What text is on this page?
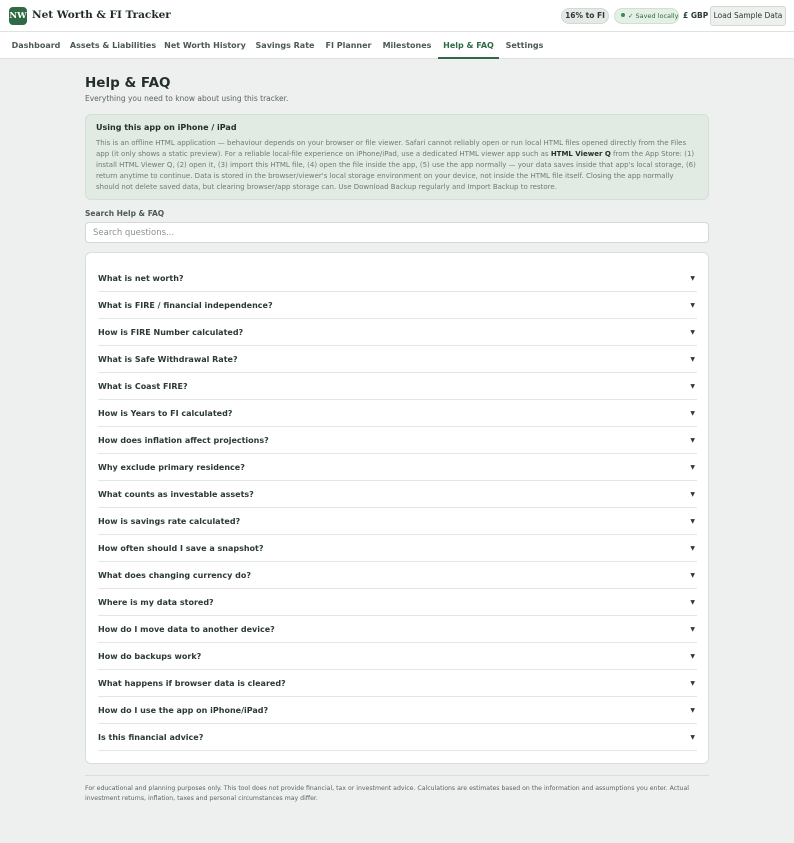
NW Net Worth & FI Tracker	16% to FI	✓ Saved locally £ GBP Load Sample Data
Dashboard	Assets & Liabilities	Net Worth History	Savings Rate	FI Planner	Milestones	Help & FAQ	Settings
Help & FAQ
Everything you need to know about using this tracker.
Using this app on iPhone / iPad

This is an offline HTML application — behaviour depends on your browser or file viewer. Safari cannot reliably open or run local HTML files opened directly from the Files app (it only shows a static preview). For a reliable local-file experience on iPhone/iPad, use a dedicated HTML viewer app such as HTML Viewer Q from the App Store: (1) install HTML Viewer Q, (2) open it, (3) import this HTML file, (4) open the file inside the app, (5) use the app normally — your data saves inside that app's local storage, (6) return anytime to continue. Data is stored in the browser/viewer's local storage environment on your device, not inside the HTML file itself. Closing the app normally should not delete saved data, but clearing browser/app storage can. Use Download Backup regularly and Import Backup to restore.

Search Help & FAQ
Search questions...
What is net worth?	▼
What is FIRE / financial independence?	▼
How is FIRE Number calculated?	▼
What is Safe Withdrawal Rate?	▼
What is Coast FIRE?	▼
How is Years to FI calculated?	▼
How does inflation affect projections?	▼
Why exclude primary residence?	▼
What counts as investable assets?	▼
How is savings rate calculated?	▼
How often should I save a snapshot?	▼
What does changing currency do?	▼
Where is my data stored?	▼
How do I move data to another device?	▼
How do backups work?	▼
What happens if browser data is cleared?	▼
How do I use the app on iPhone/iPad?	▼
Is this financial advice?	▼
For educational and planning purposes only. This tool does not provide financial, tax or investment advice. Calculations are estimates based on the information and assumptions you enter. Actual investment returns, inflation, taxes and personal circumstances may differ.
